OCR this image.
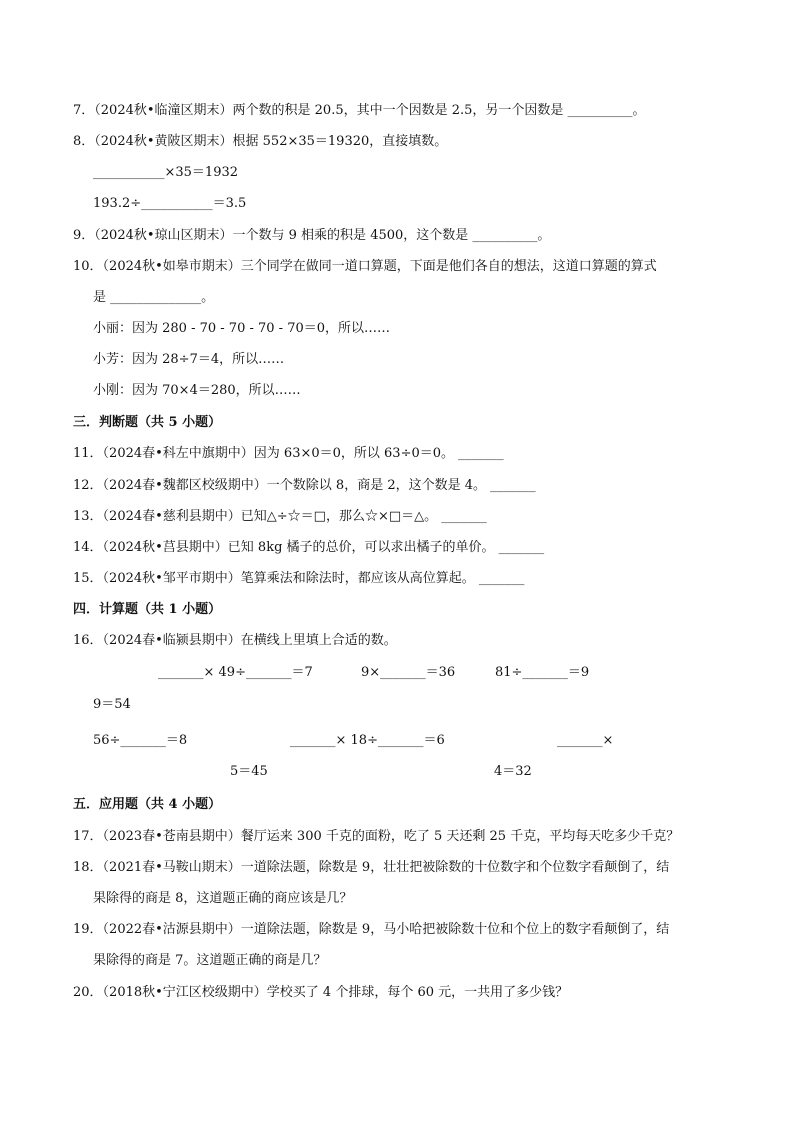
7．（2024秋•临潼区期末）两个数的积是 20.5，其中一个因数是 2.5，另一个因数是 __________。
8．（2024秋•黄陂区期末）根据 552×35＝19320，直接填数。
___________×35＝1932
193.2÷___________＝3.5
9．（2024秋•琼山区期末）一个数与 9 相乘的积是 4500，这个数是 __________。
10．（2024秋•如皋市期末）三个同学在做同一道口算题，下面是他们各自的想法，这道口算题的算式
是 ______________。
小丽：因为 280 - 70 - 70 - 70 - 70＝0，所以……
小芳：因为 28÷7＝4，所以……
小刚：因为 70×4＝280，所以……
三．判断题（共 5 小题）
11．（2024春•科左中旗期中）因为 63×0＝0，所以 63÷0＝0。 _______
12．（2024春•魏都区校级期中）一个数除以 8，商是 2，这个数是 4。 _______
13．（2024春•慈利县期中）已知△÷☆＝□，那么☆×□＝△。 _______
14．（2024秋•莒县期中）已知 8kg 橘子的总价，可以求出橘子的单价。 _______
15．（2024秋•邹平市期中）笔算乘法和除法时，都应该从高位算起。 _______
四．计算题（共 1 小题）
16．（2024春•临颍县期中）在横线上里填上合适的数。
_______× 49÷_______＝7	9×_______＝36	81÷_______＝9
9＝54
56÷_______＝8	_______× 18÷_______＝6	_______×
5＝45	4＝32
五．应用题（共 4 小题）
17．（2023春•苍南县期中）餐厅运来 300 千克的面粉，吃了 5 天还剩 25 千克，平均每天吃多少千克？
18．（2021春•马鞍山期末）一道除法题，除数是 9，壮壮把被除数的十位数字和个位数字看颠倒了，结
果除得的商是 8，这道题正确的商应该是几？
19．（2022春•沽源县期中）一道除法题，除数是 9，马小哈把被除数十位和个位上的数字看颠倒了，结
果除得的商是 7。这道题正确的商是几？
20．（2018秋•宁江区校级期中）学校买了 4 个排球，每个 60 元，一共用了多少钱？
